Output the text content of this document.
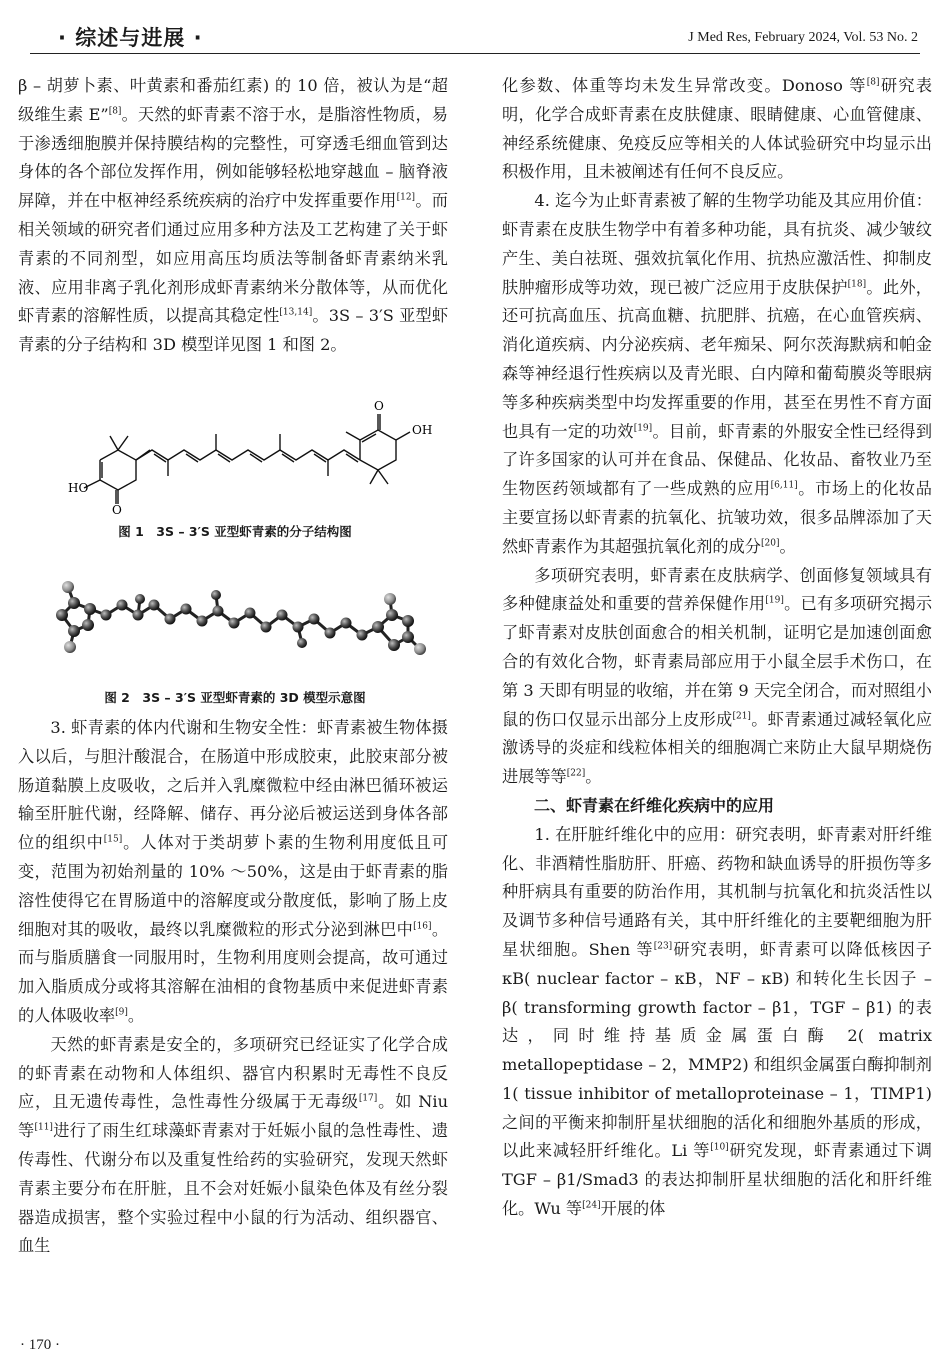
· 综述与进展 ·	J Med Res, February 2024, Vol. 53 No. 2

β – 胡萝卜素、叶黄素和番茄红素) 的 10 倍，被认为是“超级维生素 E”[8]。天然的虾青素不溶于水，是脂溶性物质，易于渗透细胞膜并保持膜结构的完整性，可穿透毛细血管到达身体的各个部位发挥作用，例如能够轻松地穿越血 – 脑脊液屏障，并在中枢神经系统疾病的治疗中发挥重要作用[12]。而相关领域的研究者们通过应用多种方法及工艺构建了关于虾青素的不同剂型，如应用高压均质法等制备虾青素纳米乳液、应用非离子乳化剂形成虾青素纳米分散体等，从而优化虾青素的溶解性质，以提高其稳定性[13,14]。3S – 3′S 亚型虾青素的分子结构和 3D 模型详见图 1 和图 2。

HO
O
O
OH
图 1　3S – 3′S 亚型虾青素的分子结构图
图 2　3S – 3′S 亚型虾青素的 3D 模型示意图

3. 虾青素的体内代谢和生物安全性：虾青素被生物体摄入以后，与胆汁酸混合，在肠道中形成胶束，此胶束部分被肠道黏膜上皮吸收，之后并入乳糜微粒中经由淋巴循环被运输至肝脏代谢，经降解、储存、再分泌后被运送到身体各部位的组织中[15]。人体对于类胡萝卜素的生物利用度低且可变，范围为初始剂量的 10% ～50%，这是由于虾青素的脂溶性使得它在胃肠道中的溶解度或分散度低，影响了肠上皮细胞对其的吸收，最终以乳糜微粒的形式分泌到淋巴中[16]。而与脂质膳食一同服用时，生物利用度则会提高，故可通过加入脂质成分或将其溶解在油相的食物基质中来促进虾青素的人体吸收率[9]。

天然的虾青素是安全的，多项研究已经证实了化学合成的虾青素在动物和人体组织、器官内积累时无毒性不良反应，且无遗传毒性，急性毒性分级属于无毒级[17]。如 Niu 等[11]进行了雨生红球藻虾青素对于妊娠小鼠的急性毒性、遗传毒性、代谢分布以及重复性给药的实验研究，发现天然虾青素主要分布在肝脏，且不会对妊娠小鼠染色体及有丝分裂器造成损害，整个实验过程中小鼠的行为活动、组织器官、血生

化参数、体重等均未发生异常改变。Donoso 等[8]研究表明，化学合成虾青素在皮肤健康、眼睛健康、心血管健康、神经系统健康、免疫反应等相关的人体试验研究中均显示出积极作用，且未被阐述有任何不良反应。

4. 迄今为止虾青素被了解的生物学功能及其应用价值：虾青素在皮肤生物学中有着多种功能，具有抗炎、减少皱纹产生、美白祛斑、强效抗氧化作用、抗热应激活性、抑制皮肤肿瘤形成等功效，现已被广泛应用于皮肤保护[18]。此外，还可抗高血压、抗高血糖、抗肥胖、抗癌，在心血管疾病、消化道疾病、内分泌疾病、老年痴呆、阿尔茨海默病和帕金森等神经退行性疾病以及青光眼、白内障和葡萄膜炎等眼病等多种疾病类型中均发挥重要的作用，甚至在男性不育方面也具有一定的功效[19]。目前，虾青素的外服安全性已经得到了许多国家的认可并在食品、保健品、化妆品、畜牧业乃至生物医药领域都有了一些成熟的应用[6,11]。市场上的化妆品主要宣扬以虾青素的抗氧化、抗皱功效，很多品牌添加了天然虾青素作为其超强抗氧化剂的成分[20]。

多项研究表明，虾青素在皮肤病学、创面修复领域具有多种健康益处和重要的营养保健作用[19]。已有多项研究揭示了虾青素对皮肤创面愈合的相关机制，证明它是加速创面愈合的有效化合物，虾青素局部应用于小鼠全层手术伤口，在第 3 天即有明显的收缩，并在第 9 天完全闭合，而对照组小鼠的伤口仅显示出部分上皮形成[21]。虾青素通过减轻氧化应激诱导的炎症和线粒体相关的细胞凋亡来防止大鼠早期烧伤进展等等[22]。

二、虾青素在纤维化疾病中的应用

1. 在肝脏纤维化中的应用：研究表明，虾青素对肝纤维化、非酒精性脂肪肝、肝癌、药物和缺血诱导的肝损伤等多种肝病具有重要的防治作用，其机制与抗氧化和抗炎活性以及调节多种信号通路有关，其中肝纤维化的主要靶细胞为肝星状细胞。Shen 等[23]研究表明，虾青素可以降低核因子 κB( nuclear factor – κB，NF – κB) 和转化生长因子 – β( transforming growth factor – β1，TGF – β1) 的表达，同时维持基质金属蛋白酶 2( matrix metallopeptidase – 2，MMP2) 和组织金属蛋白酶抑制剂 1( tissue inhibitor of metalloproteinase – 1，TIMP1) 之间的平衡来抑制肝星状细胞的活化和细胞外基质的形成，以此来减轻肝纤维化。Li 等[10]研究发现，虾青素通过下调 TGF – β1/Smad3 的表达抑制肝星状细胞的活化和肝纤维化。Wu 等[24]开展的体

· 170 ·
